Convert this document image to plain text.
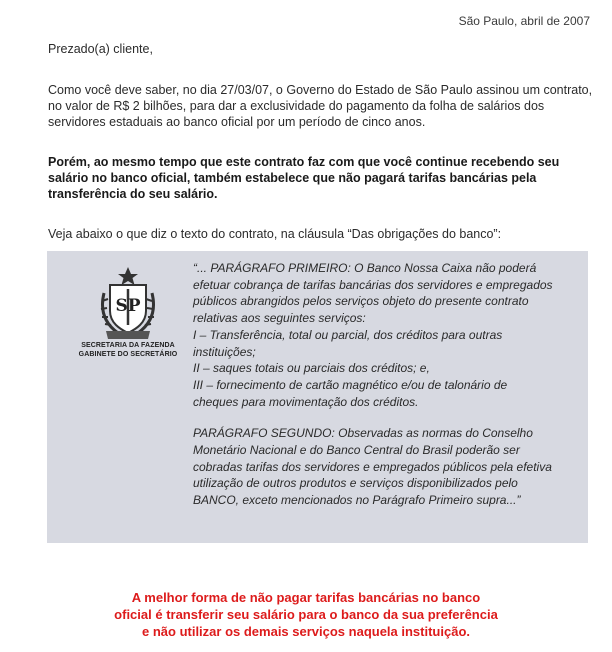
São Paulo, abril de 2007
Prezado(a) cliente,
Como você deve saber, no dia 27/03/07, o Governo do Estado de São Paulo assinou um contrato, no valor de R$ 2 bilhões, para dar a exclusividade do pagamento da folha de salários dos servidores estaduais ao banco oficial por um período de cinco anos.
Porém, ao mesmo tempo que este contrato faz com que você continue recebendo seu salário no banco oficial, também estabelece que não pagará tarifas bancárias pela transferência do seu salário.
Veja abaixo o que diz o texto do contrato, na cláusula “Das obrigações do banco”:
SP
SECRETARIA DA FAZENDA
GABINETE DO SECRETÁRIO
“... PARÁGRAFO PRIMEIRO: O Banco Nossa Caixa não poderá
efetuar cobrança de tarifas bancárias dos servidores e empregados
públicos abrangidos pelos serviços objeto do presente contrato
relativas aos seguintes serviços:
I – Transferência, total ou parcial, dos créditos para outras
instituições;
II – saques totais ou parciais dos créditos; e,
III – fornecimento de cartão magnético e/ou de talonário de
cheques para movimentação dos créditos.
PARÁGRAFO SEGUNDO: Observadas as normas do Conselho
Monetário Nacional e do Banco Central do Brasil poderão ser
cobradas tarifas dos servidores e empregados públicos pela efetiva
utilização de outros produtos e serviços disponibilizados pelo
BANCO, exceto mencionados no Parágrafo Primeiro supra...”
A melhor forma de não pagar tarifas bancárias no banco
oficial é transferir seu salário para o banco da sua preferência
e não utilizar os demais serviços naquela instituição.
